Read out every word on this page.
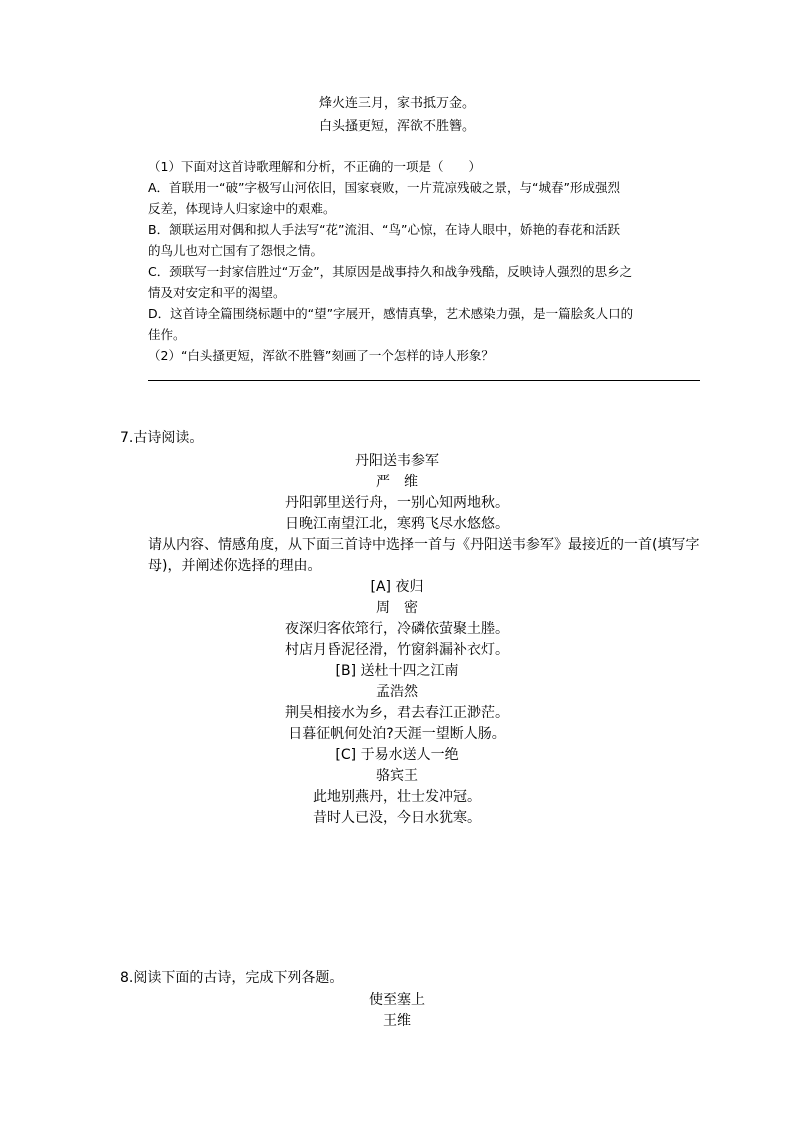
烽火连三月，家书抵万金。
白头搔更短，浑欲不胜簪。
（1）下面对这首诗歌理解和分析，不正确的一项是（　　）
A．首联用一“破”字极写山河依旧，国家衰败，一片荒凉残破之景，与“城春”形成强烈
反差，体现诗人归家途中的艰难。
B．颔联运用对偶和拟人手法写“花”流泪、“鸟”心惊，在诗人眼中，娇艳的春花和活跃
的鸟儿也对亡国有了怨恨之情。
C．颈联写一封家信胜过“万金”，其原因是战事持久和战争残酷，反映诗人强烈的思乡之
情及对安定和平的渴望。
D．这首诗全篇围绕标题中的“望”字展开，感情真挚，艺术感染力强，是一篇脍炙人口的
佳作。
（2）“白头搔更短，浑欲不胜簪”刻画了一个怎样的诗人形象？
7.古诗阅读。
丹阳送韦参军
严　维
丹阳郭里送行舟，一别心知两地秋。
日晚江南望江北，寒鸦飞尽水悠悠。
请从内容、情感角度，从下面三首诗中选择一首与《丹阳送韦参军》最接近的一首(填写字
母)，并阐述你选择的理由。
[A] 夜归
周　密
夜深归客依筇行，冷磷依萤聚土塍。
村店月昏泥径滑，竹窗斜漏补衣灯。
[B] 送杜十四之江南
孟浩然
荆吴相接水为乡，君去春江正渺茫。
日暮征帆何处泊?天涯一望断人肠。
[C] 于易水送人一绝
骆宾王
此地别燕丹，壮士发冲冠。
昔时人已没，今日水犹寒。
8.阅读下面的古诗，完成下列各题。
使至塞上
王维
